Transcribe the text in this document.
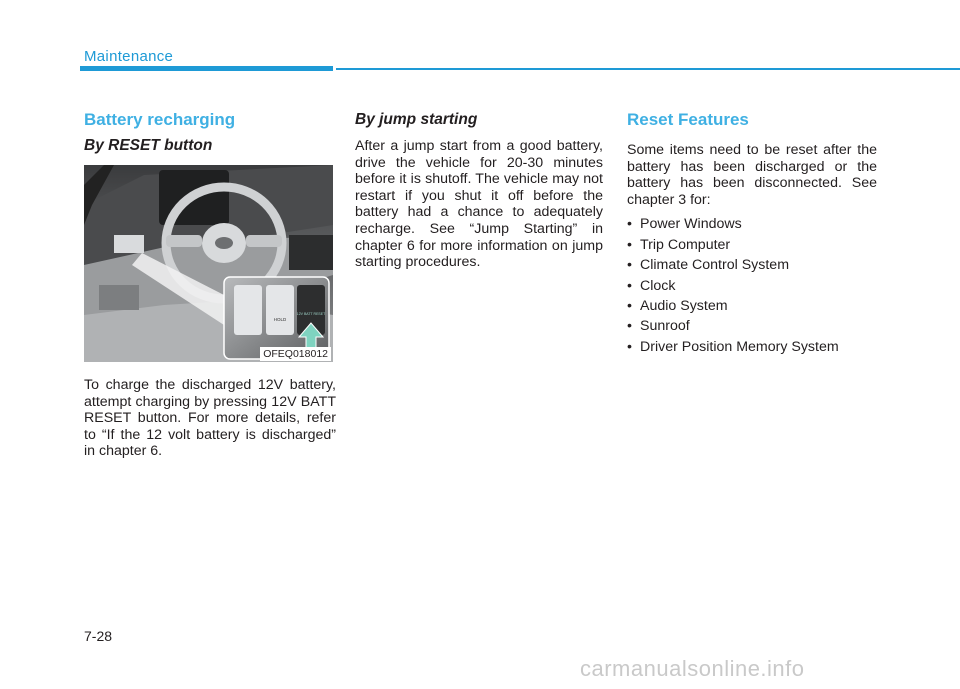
Maintenance
Battery recharging
By RESET button
HOLD
12V BATT RESET
OFEQ018012

To charge the discharged 12V battery, attempt charging by pressing 12V BATT RESET button. For more details, refer to “If the 12 volt battery is discharged” in chapter 6.

By jump starting

After a jump start from a good battery, drive the vehicle for 20-30 minutes before it is shutoff. The vehicle may not restart if you shut it off before the battery had a chance to adequately recharge. See “Jump Starting” in chapter 6 for more information on jump starting procedures.

Reset Features

Some items need to be reset after the battery has been discharged or the battery has been disconnected. See chapter 3 for:

• Power Windows
• Trip Computer
• Climate Control System
• Clock
• Audio System
• Sunroof
• Driver Position Memory System
7-28
carmanualsonline.info
